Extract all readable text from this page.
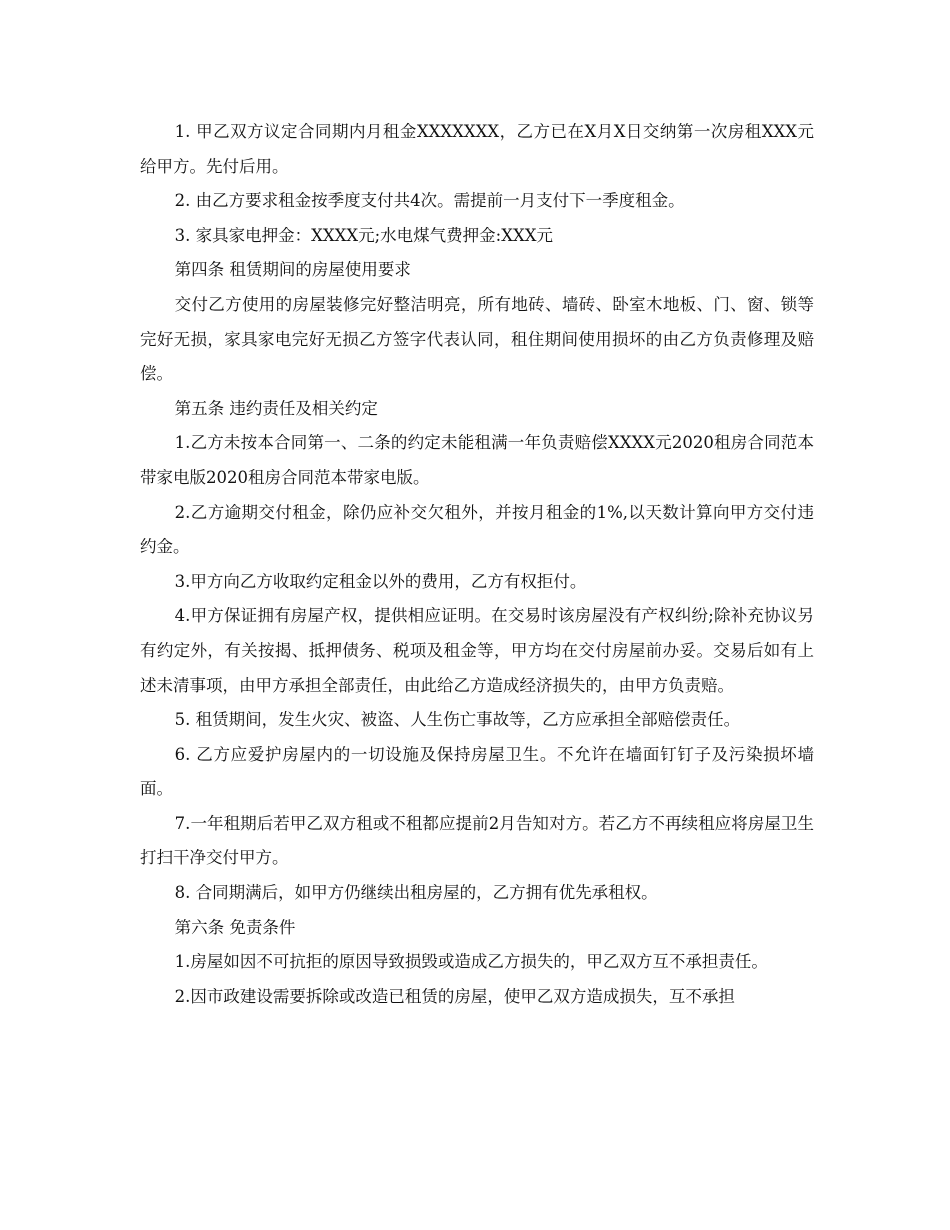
1. 甲乙双方议定合同期内月租金XXXXXXX，乙方已在X月X日交纳第一次房租XXX元给甲方。先付后用。

2. 由乙方要求租金按季度支付共4次。需提前一月支付下一季度租金。

3. 家具家电押金：XXXX元;水电煤气费押金:XXX元

第四条 租赁期间的房屋使用要求

交付乙方使用的房屋装修完好整洁明亮，所有地砖、墙砖、卧室木地板、门、窗、锁等完好无损，家具家电完好无损乙方签字代表认同，租住期间使用损坏的由乙方负责修理及赔偿。

第五条 违约责任及相关约定

1.乙方未按本合同第一、二条的约定未能租满一年负责赔偿XXXX元2020租房合同范本带家电版2020租房合同范本带家电版。

2.乙方逾期交付租金，除仍应补交欠租外，并按月租金的1%,以天数计算向甲方交付违约金。

3.甲方向乙方收取约定租金以外的费用，乙方有权拒付。

4.甲方保证拥有房屋产权，提供相应证明。在交易时该房屋没有产权纠纷;除补充协议另有约定外，有关按揭、抵押债务、税项及租金等，甲方均在交付房屋前办妥。交易后如有上述未清事项，由甲方承担全部责任，由此给乙方造成经济损失的，由甲方负责赔。

5. 租赁期间，发生火灾、被盗、人生伤亡事故等，乙方应承担全部赔偿责任。

6. 乙方应爱护房屋内的一切设施及保持房屋卫生。不允许在墙面钉钉子及污染损坏墙面。

7.一年租期后若甲乙双方租或不租都应提前2月告知对方。若乙方不再续租应将房屋卫生打扫干净交付甲方。

8. 合同期满后，如甲方仍继续出租房屋的，乙方拥有优先承租权。

第六条 免责条件

1.房屋如因不可抗拒的原因导致损毁或造成乙方损失的，甲乙双方互不承担责任。

2.因市政建设需要拆除或改造已租赁的房屋，使甲乙双方造成损失，互不承担
